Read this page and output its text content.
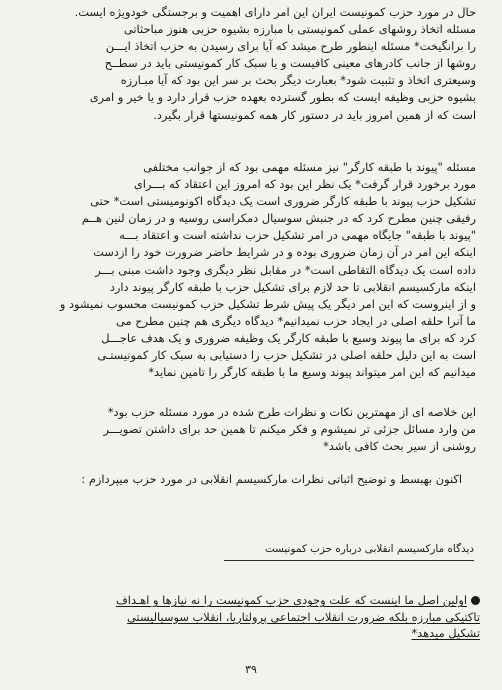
حال در مورد حزب کمونیست ایران این امر دارای اهمیت و برجستگی خودویژه ایست.
مسئله اتخاذ روشهای عملی کمونیستی با مبارزه بشیوه حزبی هنوز مباحثاتی
را برانگیخت* مسئله اینطور طرح میشد که آیا برای رسیدن به حزب اتخاذ ایـــن
روشها از جانب کادرهای معینی کافیست و یا سبک کار کمونیستی باید در سطــح
وسیعتری اتخاذ و تثبیت شود* بعبارت دیگر بحث بر سر این بود که آیا مبـارزه
بشیوه حزبی وظیفه ایست که بطور گسترده بعهده حزب قرار دارد و یا خیر و امری
است که از همین امروز باید در دستور کار همه کمونیستها قرار بگیرد.
مسئله "پیوند با طبقه کارگر" نیز مسئله مهمی بود که از جوانب مختلفی
مورد برخورد قرار گرفت* یک نظر این بود که امروز این اعتقاد که بـــرای
تشکیل حزب پیوند با طبقه کارگر ضروری است یک دیدگاه اکونومیستی است* حتی
رفیقی چنین مطرح کرد که در جنبش سوسیال دمکراسی روسیه و در زمان لنین هــم
"پیوند با طبقه" جایگاه مهمی در امر تشکیل حزب نداشته است و اعتقاد بـــه
اینکه این امر در آن زمان ضروری بوده و در شرایط حاضر ضرورت خود را ازدست
داده است یک دیدگاه التقاطی است* در مقابل نظر دیگری وجود داشت مبنی بـــر
اینکه مارکسیسم انقلابی تا حد لازم برای تشکیل حزب با طبقه کارگر پیوند دارد
و از اینروست که این امر دیگر یک پیش شرط تشکیل حزب کمونیست محسوب نمیشود و
ما آنرا حلقه اصلی در ایجاد حزب نمیدانیم* دیدگاه دیگری هم چنین مطرح می‌
کرد که برای ما پیوند وسیع با طبقه کارگر یک وظیفه ضروری و یک هدف عاجـــل
است به این دلیل حلقه اصلی در تشکیل حزب را دستیابی به سبک کار کمونیستـی
میدانیم که این امر میتواند پیوند وسیع ما با طبقه کارگر را تامین نماید*
این خلاصه ای از مهمترین نکات و نظرات طرح شده در مورد مسئله حزب بود*
من وارد مسائل جزئی تر نمیشوم و فکر میکنم تا همین حد برای داشتن تصویـــر
روشنی از سیر بحث کافی باشد*
اکنون بهبسط و توضیح اثباتی نظرات مارکسیسم انقلابی در مورد حزب میپردازم :
دیدگاه مارکسیسم انقلابی درباره حزب کمونیست
اولین اصل ما اینست که علت وجودی حزب کمونیست را نه نیازها و اهـداف
تاکتیکی مبارزه بلکه ضرورت انقلاب اجتماعی پرولتاریا، انقلاب سوسیالیستی
تشکیل میدهد*
۳۹
